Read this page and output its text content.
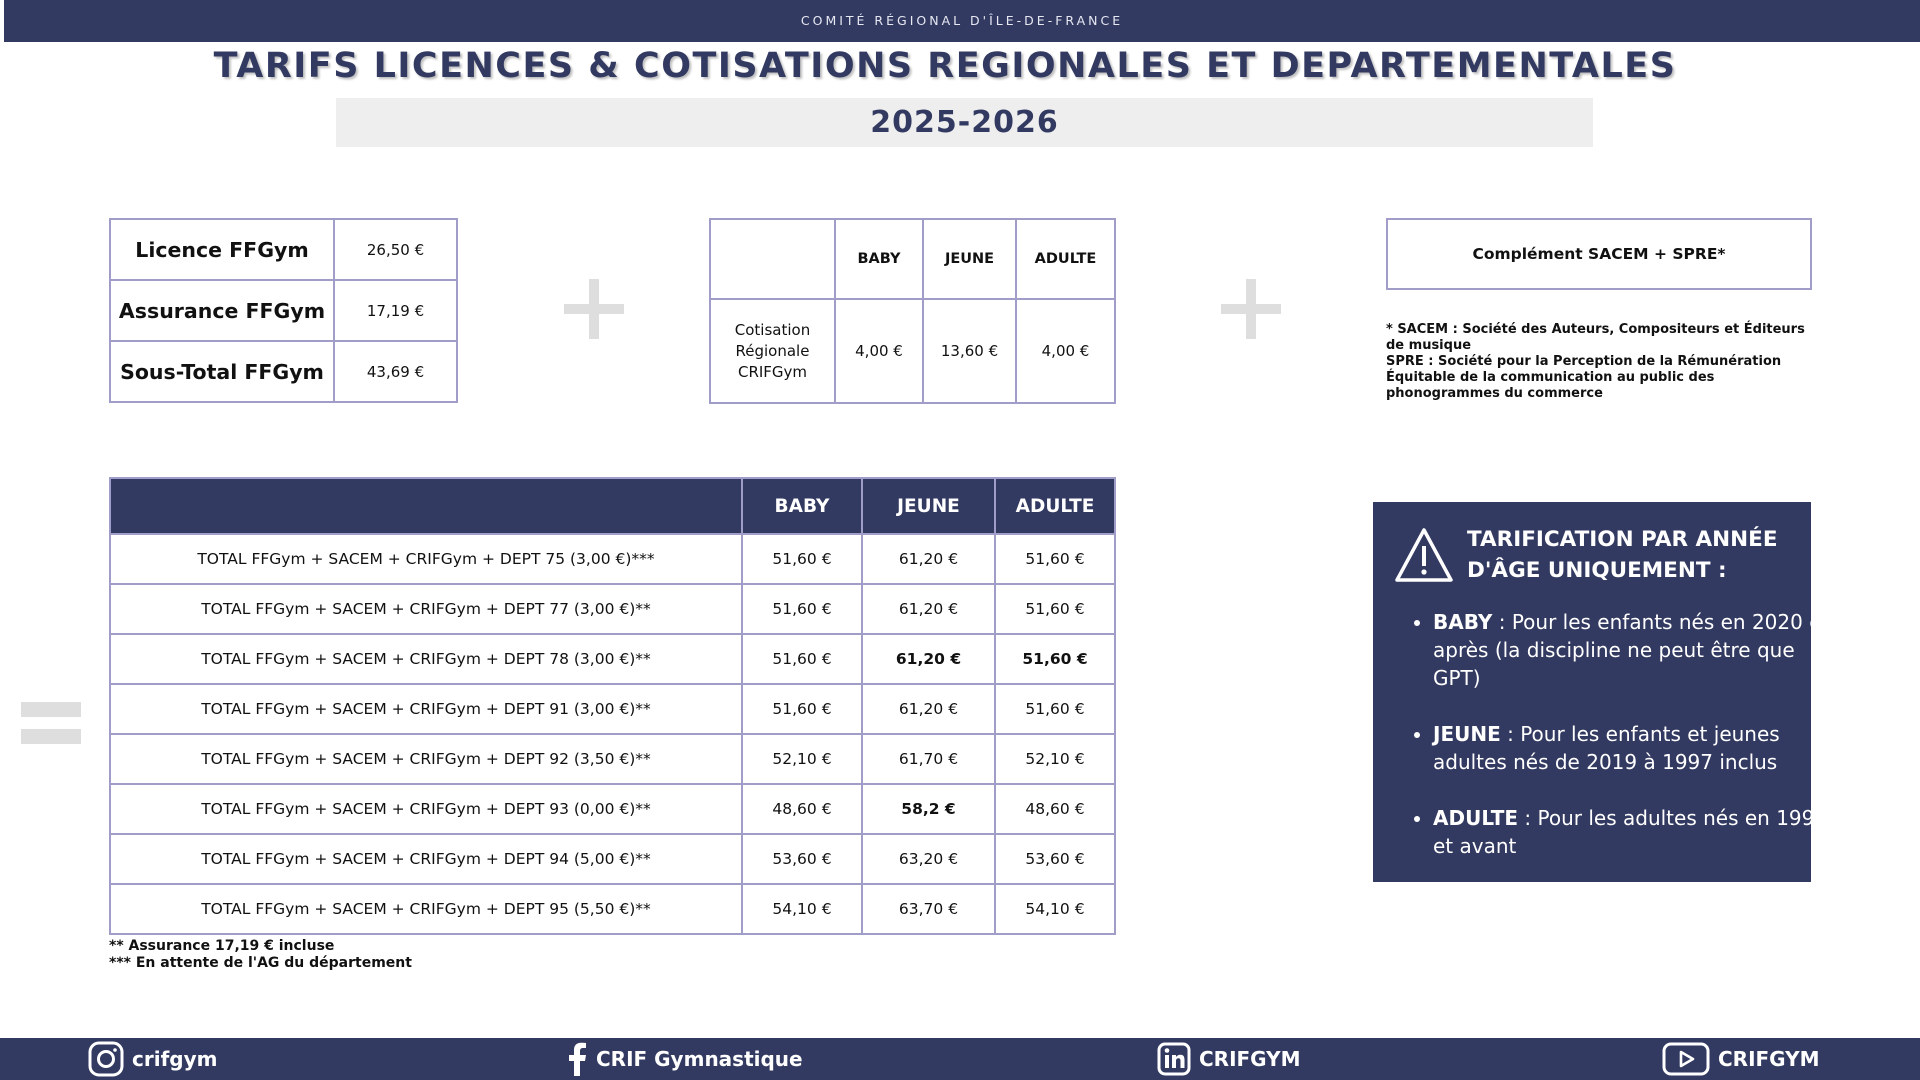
COMITÉ RÉGIONAL D'ÎLE-DE-FRANCE
TARIFS LICENCES & COTISATIONS REGIONALES ET DEPARTEMENTALES
2025-2026
Licence FFGym	26,50 €
Assurance FFGym	17,19 €
Sous-Total FFGym	43,69 €
	BABY	JEUNE	ADULTE
Cotisation Régionale CRIFGym	4,00 €	13,60 €	4,00 €
Complément SACEM + SPRE*
* SACEM : Société des Auteurs, Compositeurs et Éditeurs de musique
SPRE : Société pour la Perception de la Rémunération Équitable de la communication au public des phonogrammes du commerce
	BABY	JEUNE	ADULTE
TOTAL FFGym + SACEM + CRIFGym + DEPT 75 (3,00 €)***	51,60 €	61,20 €	51,60 €
TOTAL FFGym + SACEM + CRIFGym + DEPT 77 (3,00 €)**	51,60 €	61,20 €	51,60 €
TOTAL FFGym + SACEM + CRIFGym + DEPT 78 (3,00 €)**	51,60 €	61,20 €	51,60 €
TOTAL FFGym + SACEM + CRIFGym + DEPT 91 (3,00 €)**	51,60 €	61,20 €	51,60 €
TOTAL FFGym + SACEM + CRIFGym + DEPT 92 (3,50 €)**	52,10 €	61,70 €	52,10 €
TOTAL FFGym + SACEM + CRIFGym + DEPT 93 (0,00 €)**	48,60 €	58,2 €	48,60 €
TOTAL FFGym + SACEM + CRIFGym + DEPT 94 (5,00 €)**	53,60 €	63,20 €	53,60 €
TOTAL FFGym + SACEM + CRIFGym + DEPT 95 (5,50 €)**	54,10 €	63,70 €	54,10 €
** Assurance 17,19 € incluse
*** En attente de l'AG du département
TARIFICATION PAR ANNÉE D'ÂGE UNIQUEMENT :
• BABY : Pour les enfants nés en 2020 et après (la discipline ne peut être que GPT)
• JEUNE : Pour les enfants et jeunes adultes nés de 2019 à 1997 inclus
• ADULTE : Pour les adultes nés en 1996 et avant
crifgym	CRIF Gymnastique	CRIFGYM	CRIFGYM
